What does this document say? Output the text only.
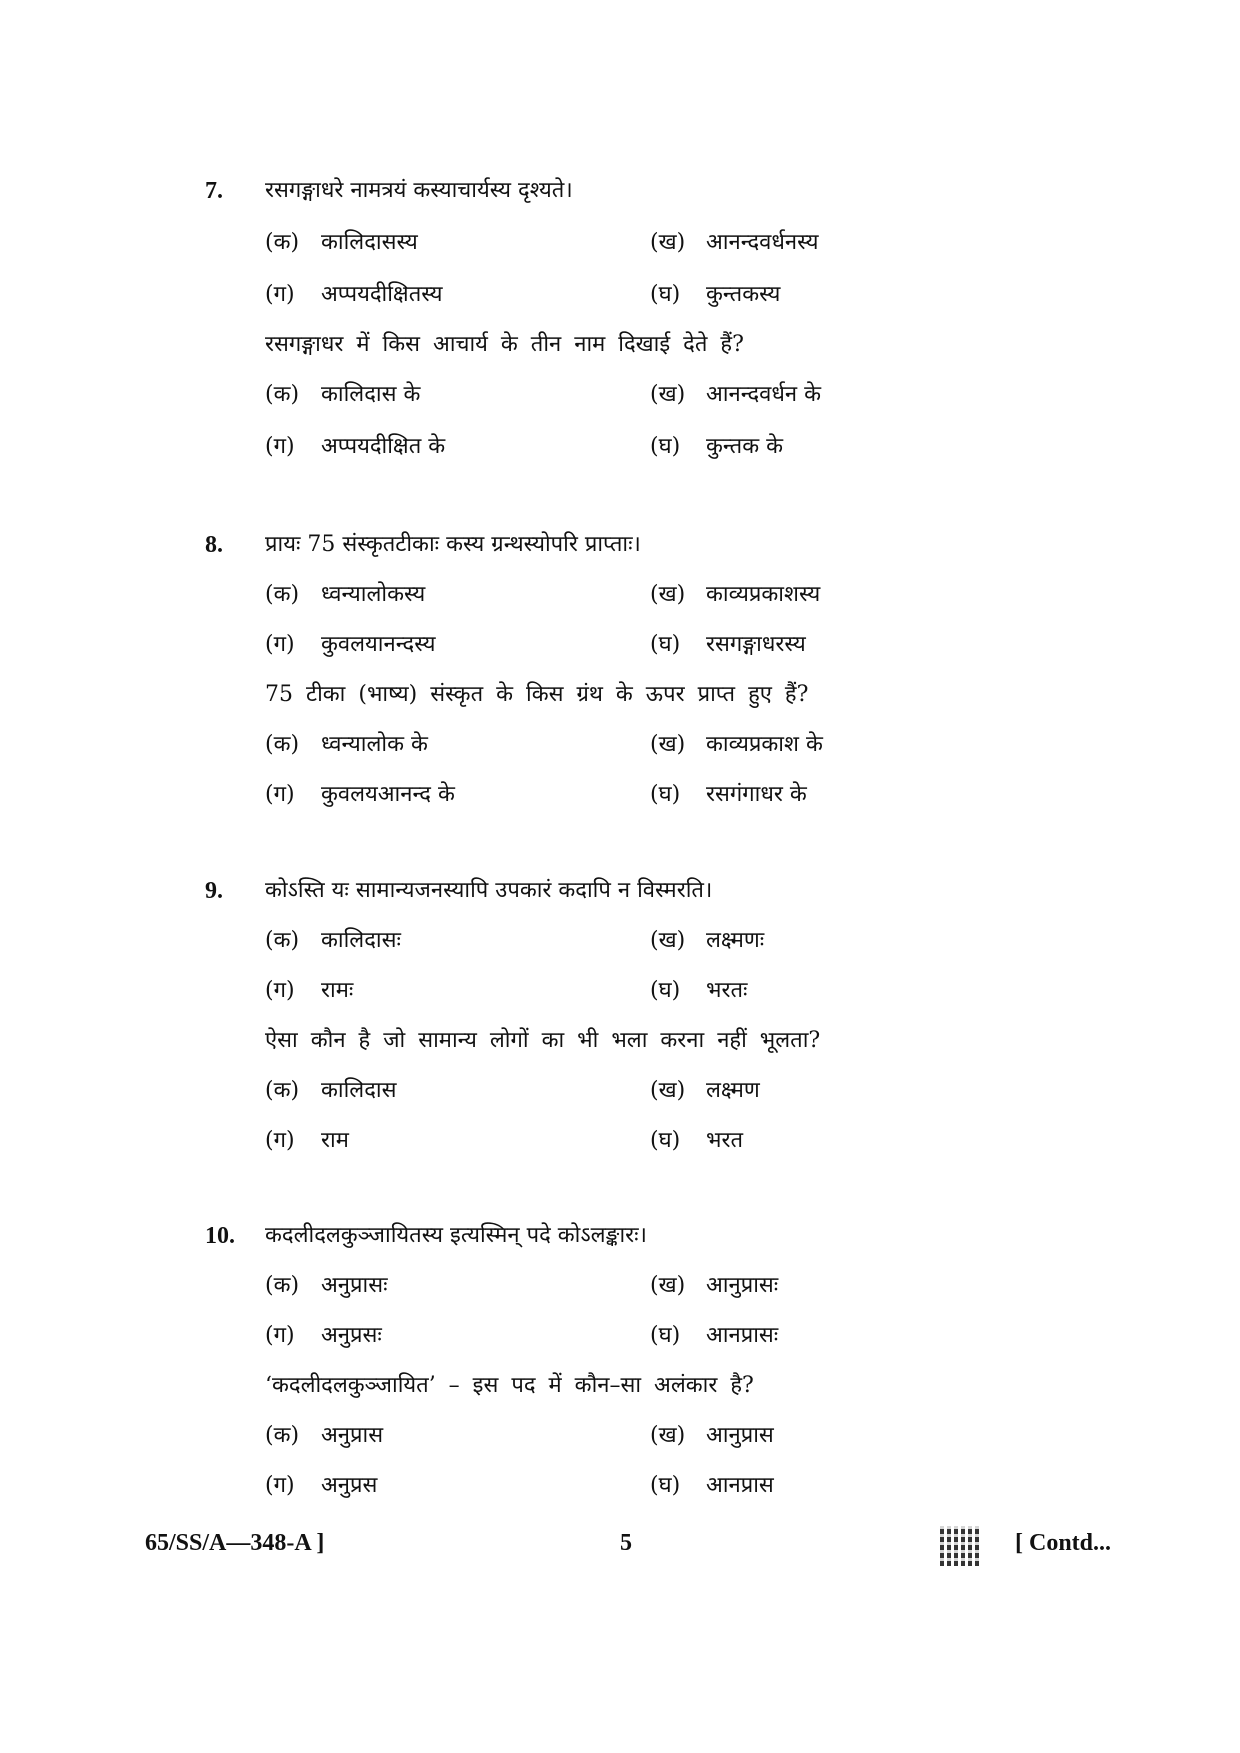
7. रसगङ्गाधरे नामत्रयं कस्याचार्यस्य दृश्यते।
(क) कालिदासस्य	(ख) आनन्दवर्धनस्य
(ग) अप्पयदीक्षितस्य	(घ) कुन्तकस्य
रसगङ्गाधर में किस आचार्य के तीन नाम दिखाई देते हैं?
(क) कालिदास के	(ख) आनन्दवर्धन के
(ग) अप्पयदीक्षित के	(घ) कुन्तक के
8. प्रायः 75 संस्कृतटीकाः कस्य ग्रन्थस्योपरि प्राप्ताः।
(क) ध्वन्यालोकस्य	(ख) काव्यप्रकाशस्य
(ग) कुवलयानन्दस्य	(घ) रसगङ्गाधरस्य
75 टीका (भाष्य) संस्कृत के किस ग्रंथ के ऊपर प्राप्त हुए हैं?
(क) ध्वन्यालोक के	(ख) काव्यप्रकाश के
(ग) कुवलयआनन्द के	(घ) रसगंगाधर के
9. कोऽस्ति यः सामान्यजनस्यापि उपकारं कदापि न विस्मरति।
(क) कालिदासः	(ख) लक्ष्मणः
(ग) रामः	(घ) भरतः
ऐसा कौन है जो सामान्य लोगों का भी भला करना नहीं भूलता?
(क) कालिदास	(ख) लक्ष्मण
(ग) राम	(घ) भरत
10. कदलीदलकुञ्जायितस्य इत्यस्मिन् पदे कोऽलङ्कारः।
(क) अनुप्रासः	(ख) आनुप्रासः
(ग) अनुप्रसः	(घ) आनप्रासः
‘कदलीदलकुञ्जायित’ – इस पद में कौन–सा अलंकार है?
(क) अनुप्रास	(ख) आनुप्रास
(ग) अनुप्रस	(घ) आनप्रास
65/SS/A—348-A ]	5	[ Contd...
